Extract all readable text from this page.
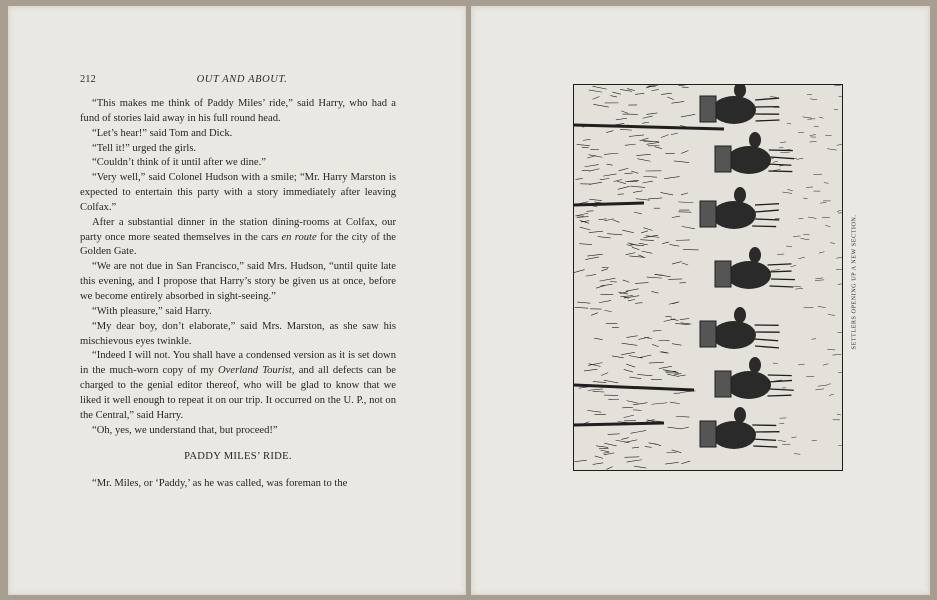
212	OUT AND ABOUT.

“This makes me think of Paddy Miles’ ride,” said Harry, who had a fund of stories laid away in his full round head.

“Let’s hear!” said Tom and Dick.

“Tell it!” urged the girls.

“Couldn’t think of it until after we dine.”

“Very well,” said Colonel Hudson with a smile; “Mr. Harry Marston is expected to entertain this party with a story immediately after leaving Colfax.”

After a substantial dinner in the station dining-rooms at Colfax, our party once more seated themselves in the cars en route for the city of the Golden Gate.

“We are not due in San Francisco,” said Mrs. Hudson, “until quite late this evening, and I propose that Harry’s story be given us at once, before we become entirely absorbed in sight-seeing.”

“With pleasure,” said Harry.

“My dear boy, don’t elaborate,” said Mrs. Marston, as she saw his mischievous eyes twinkle.

“Indeed I will not. You shall have a condensed version as it is set down in the much-worn copy of my Overland Tourist, and all defects can be charged to the genial editor thereof, who will be glad to know that we liked it well enough to repeat it on our trip. It occurred on the U. P., not on the Central,” said Harry.

“Oh, yes, we understand that, but proceed!”

PADDY MILES’ RIDE.

“Mr. Miles, or ‘Paddy,’ as he was called, was foreman to the

SETTLERS OPENING UP A NEW SECTION.
